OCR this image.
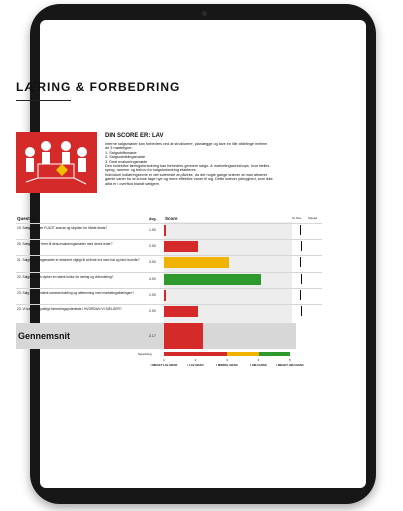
LÆRING & FORBEDRING
DIN SCORE ER: LAV
Interne salgsmøder kan forbedres ved at strukturere, planlægge og lave en lille afdelinge mellem
de 3 mødetyper:
1. Salgsdriftsmøde
2. Salgsudviklingsmøde
3. Deal evalueringsmøde
Den kollektive læringsforankring kan forbedres gennem salgs- & marketingworkshops, hvor fælles
sprog, rammer og behov for salgsforbedring etableres.
Individuel indlæringsevne er det sværeste at påvirke, da det nogle gange kræver at man afnærer
gamle vaner for at kunne tage nye og mere effektive vaner til sig. Dette kræver ydmyghed, som ikke
altid er i overflod blandt sælgere.
Question	Avg. Score	St. Dev. Spread
19. Sælgere tager FULDT ansvar og skylden for hårde deals?	1.00
20. Sælgere ser frem til deal-evalueringsmøder med deres leder?	2.00
21. Salgsudviklingsmøder er ekstremt vigtigt til at finde ind med hat og fast hvornår?	3.00
22. Salgslederen dyrker en stærk kultur for læring og videndeling?	4.00
23. Salg har en stærk sammenkobling og afstemning med marketingafdelingen?	1.00
23. Vi har et betydeligt forbedringspotentiale i HVORDAN VI SÆLGER?	2.00
Gennemsnit	2.17
Spredning
1
I MEGET LAV GRAD
2
I LAV GRAD
3
I MIDDEL GRAD
4
I HØJ GRAD
5
I MEGET HØJ GRAD
